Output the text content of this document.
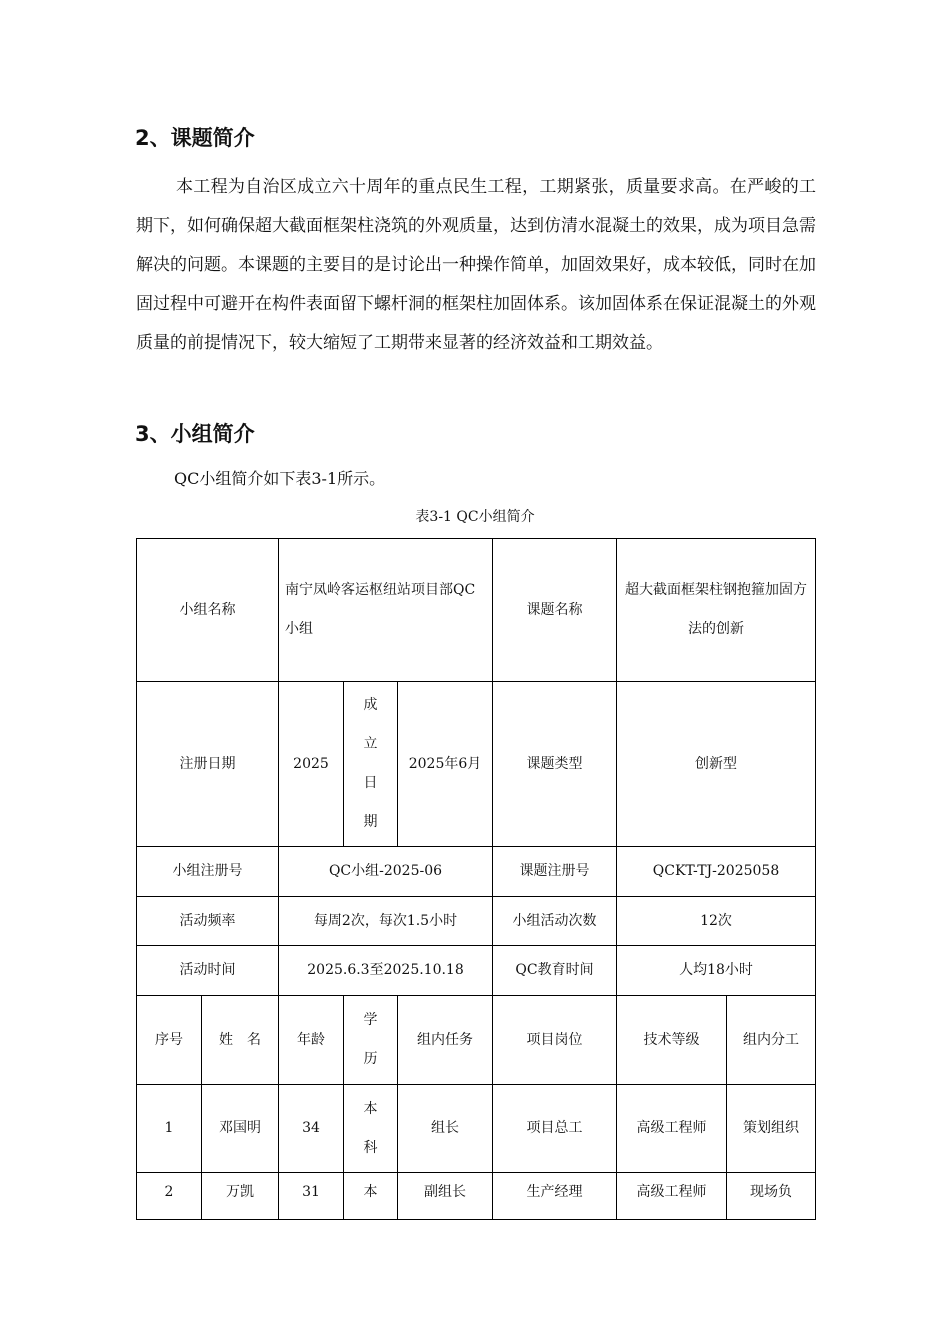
2、课题简介

本工程为自治区成立六十周年的重点民生工程，工期紧张，质量要求高。在严峻的工期下，如何确保超大截面框架柱浇筑的外观质量，达到仿清水混凝土的效果，成为项目急需解决的问题。本课题的主要目的是讨论出一种操作简单，加固效果好，成本较低，同时在加固过程中可避开在构件表面留下螺杆洞的框架柱加固体系。该加固体系在保证混凝土的外观质量的前提情况下，较大缩短了工期带来显著的经济效益和工期效益。

3、小组简介

QC小组简介如下表3-1所示。

表3-1 QC小组简介

小组名称		南宁凤岭客运枢纽站项目部QC小组			课题名称	超大截面框架柱钢抱箍加固方法的创新	
注册日期		2025	成立日期	2025年6月	课题类型	创新型	
小组注册号		QC小组-2025-06			课题注册号	QCKT-TJ-2025058	
活动频率		每周2次，每次1.5小时			小组活动次数	12次	
活动时间		2025.6.3至2025.10.18			QC教育时间	人均18小时	
序号	姓　名	年龄	学历	组内任务	项目岗位	技术等级	组内分工
1	邓国明	34	本科	组长	项目总工	高级工程师	策划组织
2	万凯	31	本	副组长	生产经理	高级工程师	现场负
